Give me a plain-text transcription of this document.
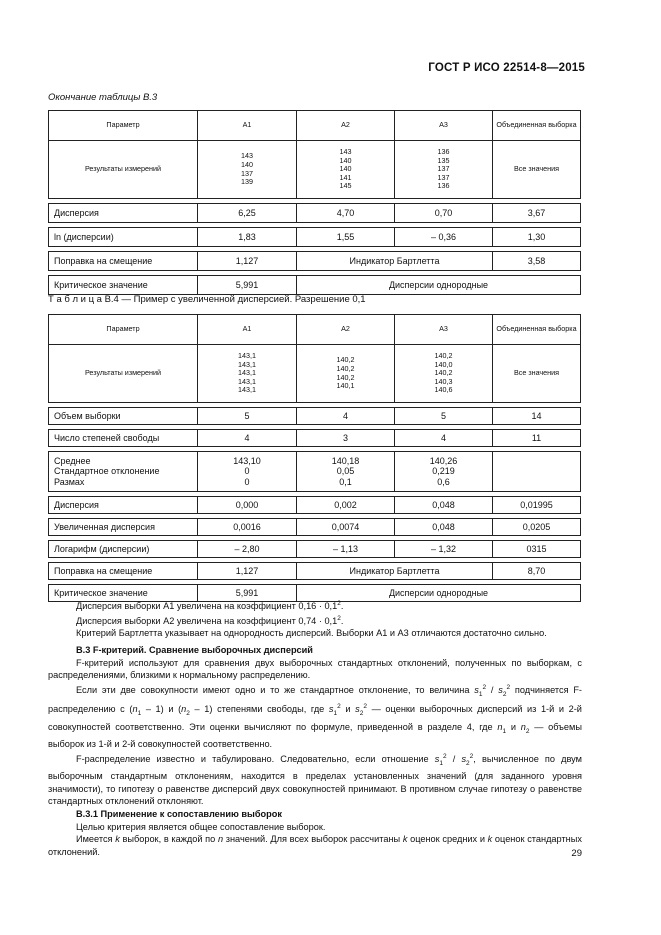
ГОСТ Р ИСО 22514-8—2015
Окончание таблицы В.3
Параметр	A1	A2	A3	Объединенная выборка
Результаты измерений	143
140
137
139	143
140
140
141
145	136
135
137
137
136	Все значения

Дисперсия	6,25	4,70	0,70	3,67

ln (дисперсии)	1,83	1,55	– 0,36	1,30

Поправка на смещение	1,127	Индикатор Бартлетта		3,58

Критическое значение	5,991	Дисперсии однородные		
Т а б л и ц а B.4 — Пример с увеличенной дисперсией. Разрешение 0,1
Параметр	A1	A2	A3	Объединенная выборка
Результаты измерений	143,1
143,1
143,1
143,1
143,1	140,2
140,2
140,2
140,1	140,2
140,0
140,2
140,3
140,6	Все значения

Объем выборки	5	4	5	14

Число степеней свободы	4	3	4	11

Среднее
Стандартное отклонение
Размах	143,10
0
0	140,18
0,05
0,1	140,26
0,219
0,6	

Дисперсия	0,000	0,002	0,048	0,01995

Увеличенная дисперсия	0,0016	0,0074	0,048	0,0205

Логарифм (дисперсии)	– 2,80	– 1,13	– 1,32	0315

Поправка на смещение	1,127	Индикатор Бартлетта		8,70

Критическое значение	5,991	Дисперсии однородные		

Дисперсия выборки A1 увеличена на коэффициент $0,16 \cdot 0,1^2$.

Дисперсия выборки A2 увеличена на коэффициент $0,74 \cdot 0,1^2$.

Критерий Бартлетта указывает на однородность дисперсий. Выборки A1 и A3 отличаются достаточно сильно.

В.3 F-критерий. Сравнение выборочных дисперсий

F-критерий используют для сравнения двух выборочных стандартных отклонений, полученных по выборкам, с распределениями, близкими к нормальному распределению.

Если эти две совокупности имеют одно и то же стандартное отклонение, то величина $s_1^2 / s_2^2$ подчиняется F-распределению с $(n_1 - 1)$ и $(n_2 - 1)$ степенями свободы, где $s_1^2$ и $s_2^2$ — оценки выборочных дисперсий из 1-й и 2-й совокупностей соответственно. Эти оценки вычисляют по формуле, приведенной в разделе 4, где $n_1$ и $n_2$ — объемы выборок из 1-й и 2-й совокупностей соответственно.

F-распределение известно и табулировано. Следовательно, если отношение $s_1^2 / s_2^2$, вычисленное по двум выборочным стандартным отклонениям, находится в пределах установленных значений (для заданного уровня значимости), то гипотезу о равенстве дисперсий двух совокупностей принимают. В противном случае гипотезу о равенстве стандартных отклонений отклоняют.

В.3.1 Применение к сопоставлению выборок

Целью критерия является общее сопоставление выборок.

Имеется k выборок, в каждой по n значений. Для всех выборок рассчитаны k оценок средних и k оценок стандартных отклонений.	29
